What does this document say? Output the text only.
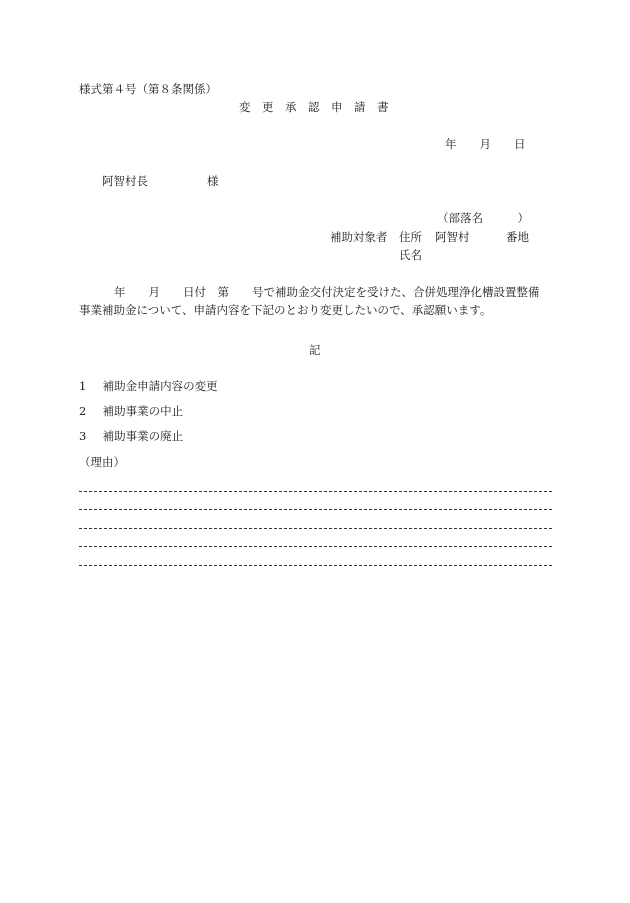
様式第４号（第８条関係）
変　更　承　認　申　請　書
年　　月　　日
阿智村長	様
（部落名　　　）
補助対象者 住所 阿智村	番地
氏名
年　　月　　日付　第　　号で補助金交付決定を受けた、合併処理浄化槽設置整備
事業補助金について、申請内容を下記のとおり変更したいので、承認願います。
記
1 補助金申請内容の変更
2 補助事業の中止
3 補助事業の廃止
（理由）
